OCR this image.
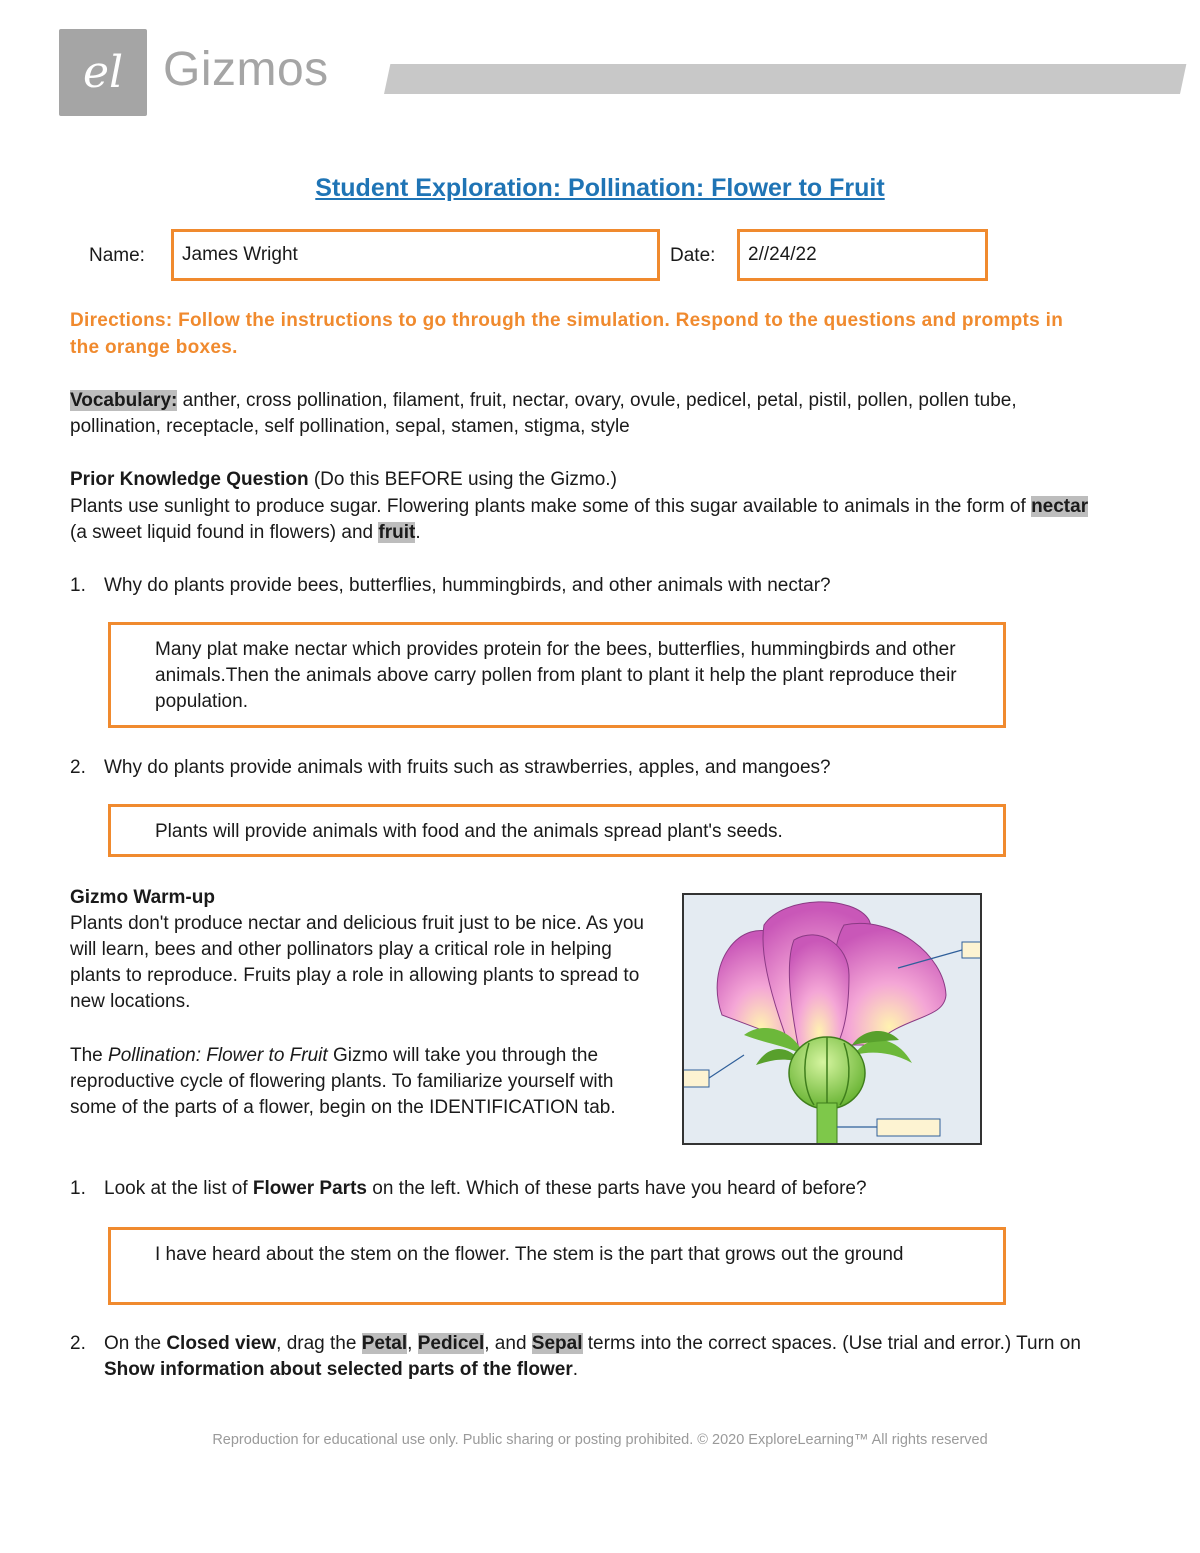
el Gizmos
Student Exploration: Pollination: Flower to Fruit
Name:	James Wright	Date:	2//24/22
Directions: Follow the instructions to go through the simulation. Respond to the questions and prompts in the orange boxes.
Vocabulary: anther, cross pollination, filament, fruit, nectar, ovary, ovule, pedicel, petal, pistil, pollen, pollen tube, pollination, receptacle, self pollination, sepal, stamen, stigma, style
Prior Knowledge Question (Do this BEFORE using the Gizmo.)
Plants use sunlight to produce sugar. Flowering plants make some of this sugar available to animals in the form of nectar (a sweet liquid found in flowers) and fruit.
1. Why do plants provide bees, butterflies, hummingbirds, and other animals with nectar?
Many plat make nectar which provides protein for the bees, butterflies, hummingbirds and other animals.Then the animals above carry pollen from plant to plant it help the plant reproduce their population.
2. Why do plants provide animals with fruits such as strawberries, apples, and mangoes?
Plants will provide animals with food and the animals spread plant's seeds.
Gizmo Warm-up
Plants don't produce nectar and delicious fruit just to be nice. As you will learn, bees and other pollinators play a critical role in helping plants to reproduce. Fruits play a role in allowing plants to spread to new locations.
The Pollination: Flower to Fruit Gizmo will take you through the reproductive cycle of flowering plants. To familiarize yourself with some of the parts of a flower, begin on the IDENTIFICATION tab.
1. Look at the list of Flower Parts on the left. Which of these parts have you heard of before?
I have heard about the stem on the flower. The stem is the part that grows out the ground
2. On the Closed view, drag the Petal, Pedicel, and Sepal terms into the correct spaces. (Use trial and error.) Turn on Show information about selected parts of the flower.
Reproduction for educational use only. Public sharing or posting prohibited. © 2020 ExploreLearning™ All rights reserved
